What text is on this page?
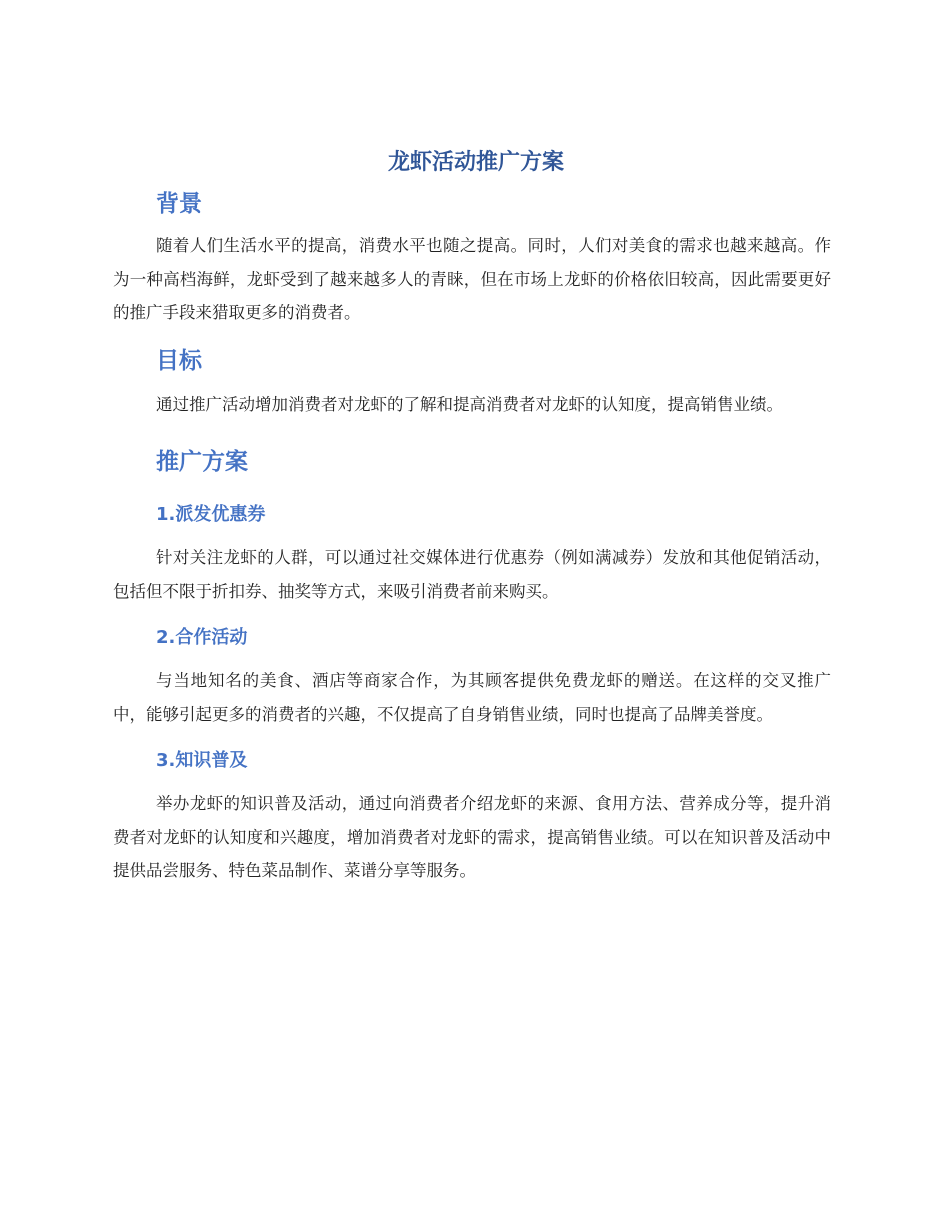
龙虾活动推广方案
背景

随着人们生活水平的提高，消费水平也随之提高。同时，人们对美食的需求也越来越高。作为一种高档海鲜，龙虾受到了越来越多人的青睐，但在市场上龙虾的价格依旧较高，因此需要更好的推广手段来猎取更多的消费者。

目标

通过推广活动增加消费者对龙虾的了解和提高消费者对龙虾的认知度，提高销售业绩。

推广方案
1.派发优惠券

针对关注龙虾的人群，可以通过社交媒体进行优惠券（例如满减券）发放和其他促销活动，包括但不限于折扣券、抽奖等方式，来吸引消费者前来购买。

2.合作活动

与当地知名的美食、酒店等商家合作，为其顾客提供免费龙虾的赠送。在这样的交叉推广中，能够引起更多的消费者的兴趣，不仅提高了自身销售业绩，同时也提高了品牌美誉度。

3.知识普及

举办龙虾的知识普及活动，通过向消费者介绍龙虾的来源、食用方法、营养成分等，提升消费者对龙虾的认知度和兴趣度，增加消费者对龙虾的需求，提高销售业绩。可以在知识普及活动中提供品尝服务、特色菜品制作、菜谱分享等服务。
